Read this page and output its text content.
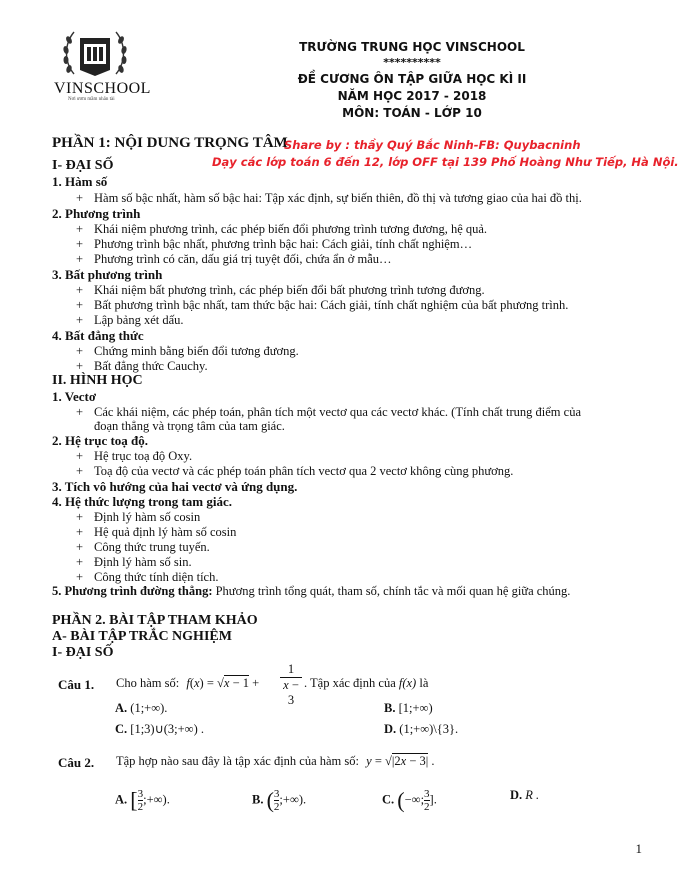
VINSCHOOL
Nơi ươm mầm nhân tài
TRƯỜNG TRUNG HỌC VINSCHOOL
**********
ĐỀ CƯƠNG ÔN TẬP GIỮA HỌC KÌ II
NĂM HỌC 2017 - 2018
MÔN: TOÁN - LỚP 10
PHẦN 1: NỘI DUNG TRỌNG TÂM
Share by : thầy Quý Bắc Ninh-FB: Quybacninh
Dạy các lớp toán 6 đến 12, lớp OFF tại 139 Phố Hoàng Như Tiếp, Hà Nội.
I- ĐẠI SỐ
1. Hàm số
+ Hàm số bậc nhất, hàm số bậc hai: Tập xác định, sự biến thiên, đồ thị và tương giao của hai đồ thị.
2. Phương trình
+ Khái niệm phương trình, các phép biến đổi phương trình tương đương, hệ quả.
+ Phương trình bậc nhất, phương trình bậc hai: Cách giải, tính chất nghiệm…
+ Phương trình có căn, dấu giá trị tuyệt đối, chứa ẩn ở mẫu…
3. Bất phương trình
+ Khái niệm bất phương trình, các phép biến đổi bất phương trình tương đương.
+ Bất phương trình bậc nhất, tam thức bậc hai: Cách giải, tính chất nghiệm của bất phương trình.
+ Lập bảng xét dấu.
4. Bất đẳng thức
+ Chứng minh bằng biến đổi tương đương.
+ Bất đẳng thức Cauchy.
II. HÌNH HỌC
1. Vectơ
+ Các khái niệm, các phép toán, phân tích một vectơ qua các vectơ khác. (Tính chất trung điểm của
đoạn thẳng và trọng tâm của tam giác.
2. Hệ trục toạ độ.
+ Hệ trục toạ độ Oxy.
+ Toạ độ của vectơ và các phép toán phân tích vectơ qua 2 vectơ không cùng phương.
3. Tích vô hướng của hai vectơ và ứng dụng.
4. Hệ thức lượng trong tam giác.
+ Định lý hàm số cosin
+ Hệ quả định lý hàm số cosin
+ Công thức trung tuyến.
+ Định lý hàm số sin.
+ Công thức tính diện tích.
5. Phương trình đường thẳng: Phương trình tổng quát, tham số, chính tắc và mối quan hệ giữa chúng.
PHẦN 2. BÀI TẬP THAM KHẢO
A- BÀI TẬP TRẮC NGHIỆM
I- ĐẠI SỐ
Câu 1. Cho hàm số: f(x) = √x − 1 +
1
x − 3
. Tập xác định của f(x) là
A. (1;+∞).	B. [1;+∞)
C. [1;3)∪(3;+∞) .	D. (1;+∞)\{3}.
Câu 2. Tập hợp nào sau đây là tập xác định của hàm số: y = √|2x − 3| .
A. [ $\frac{3}{2}$ ;+∞).	B. ( $\frac{3}{2}$ ;+∞).	C. (−∞; $\frac{3}{2}$ ].	D. R .
1
